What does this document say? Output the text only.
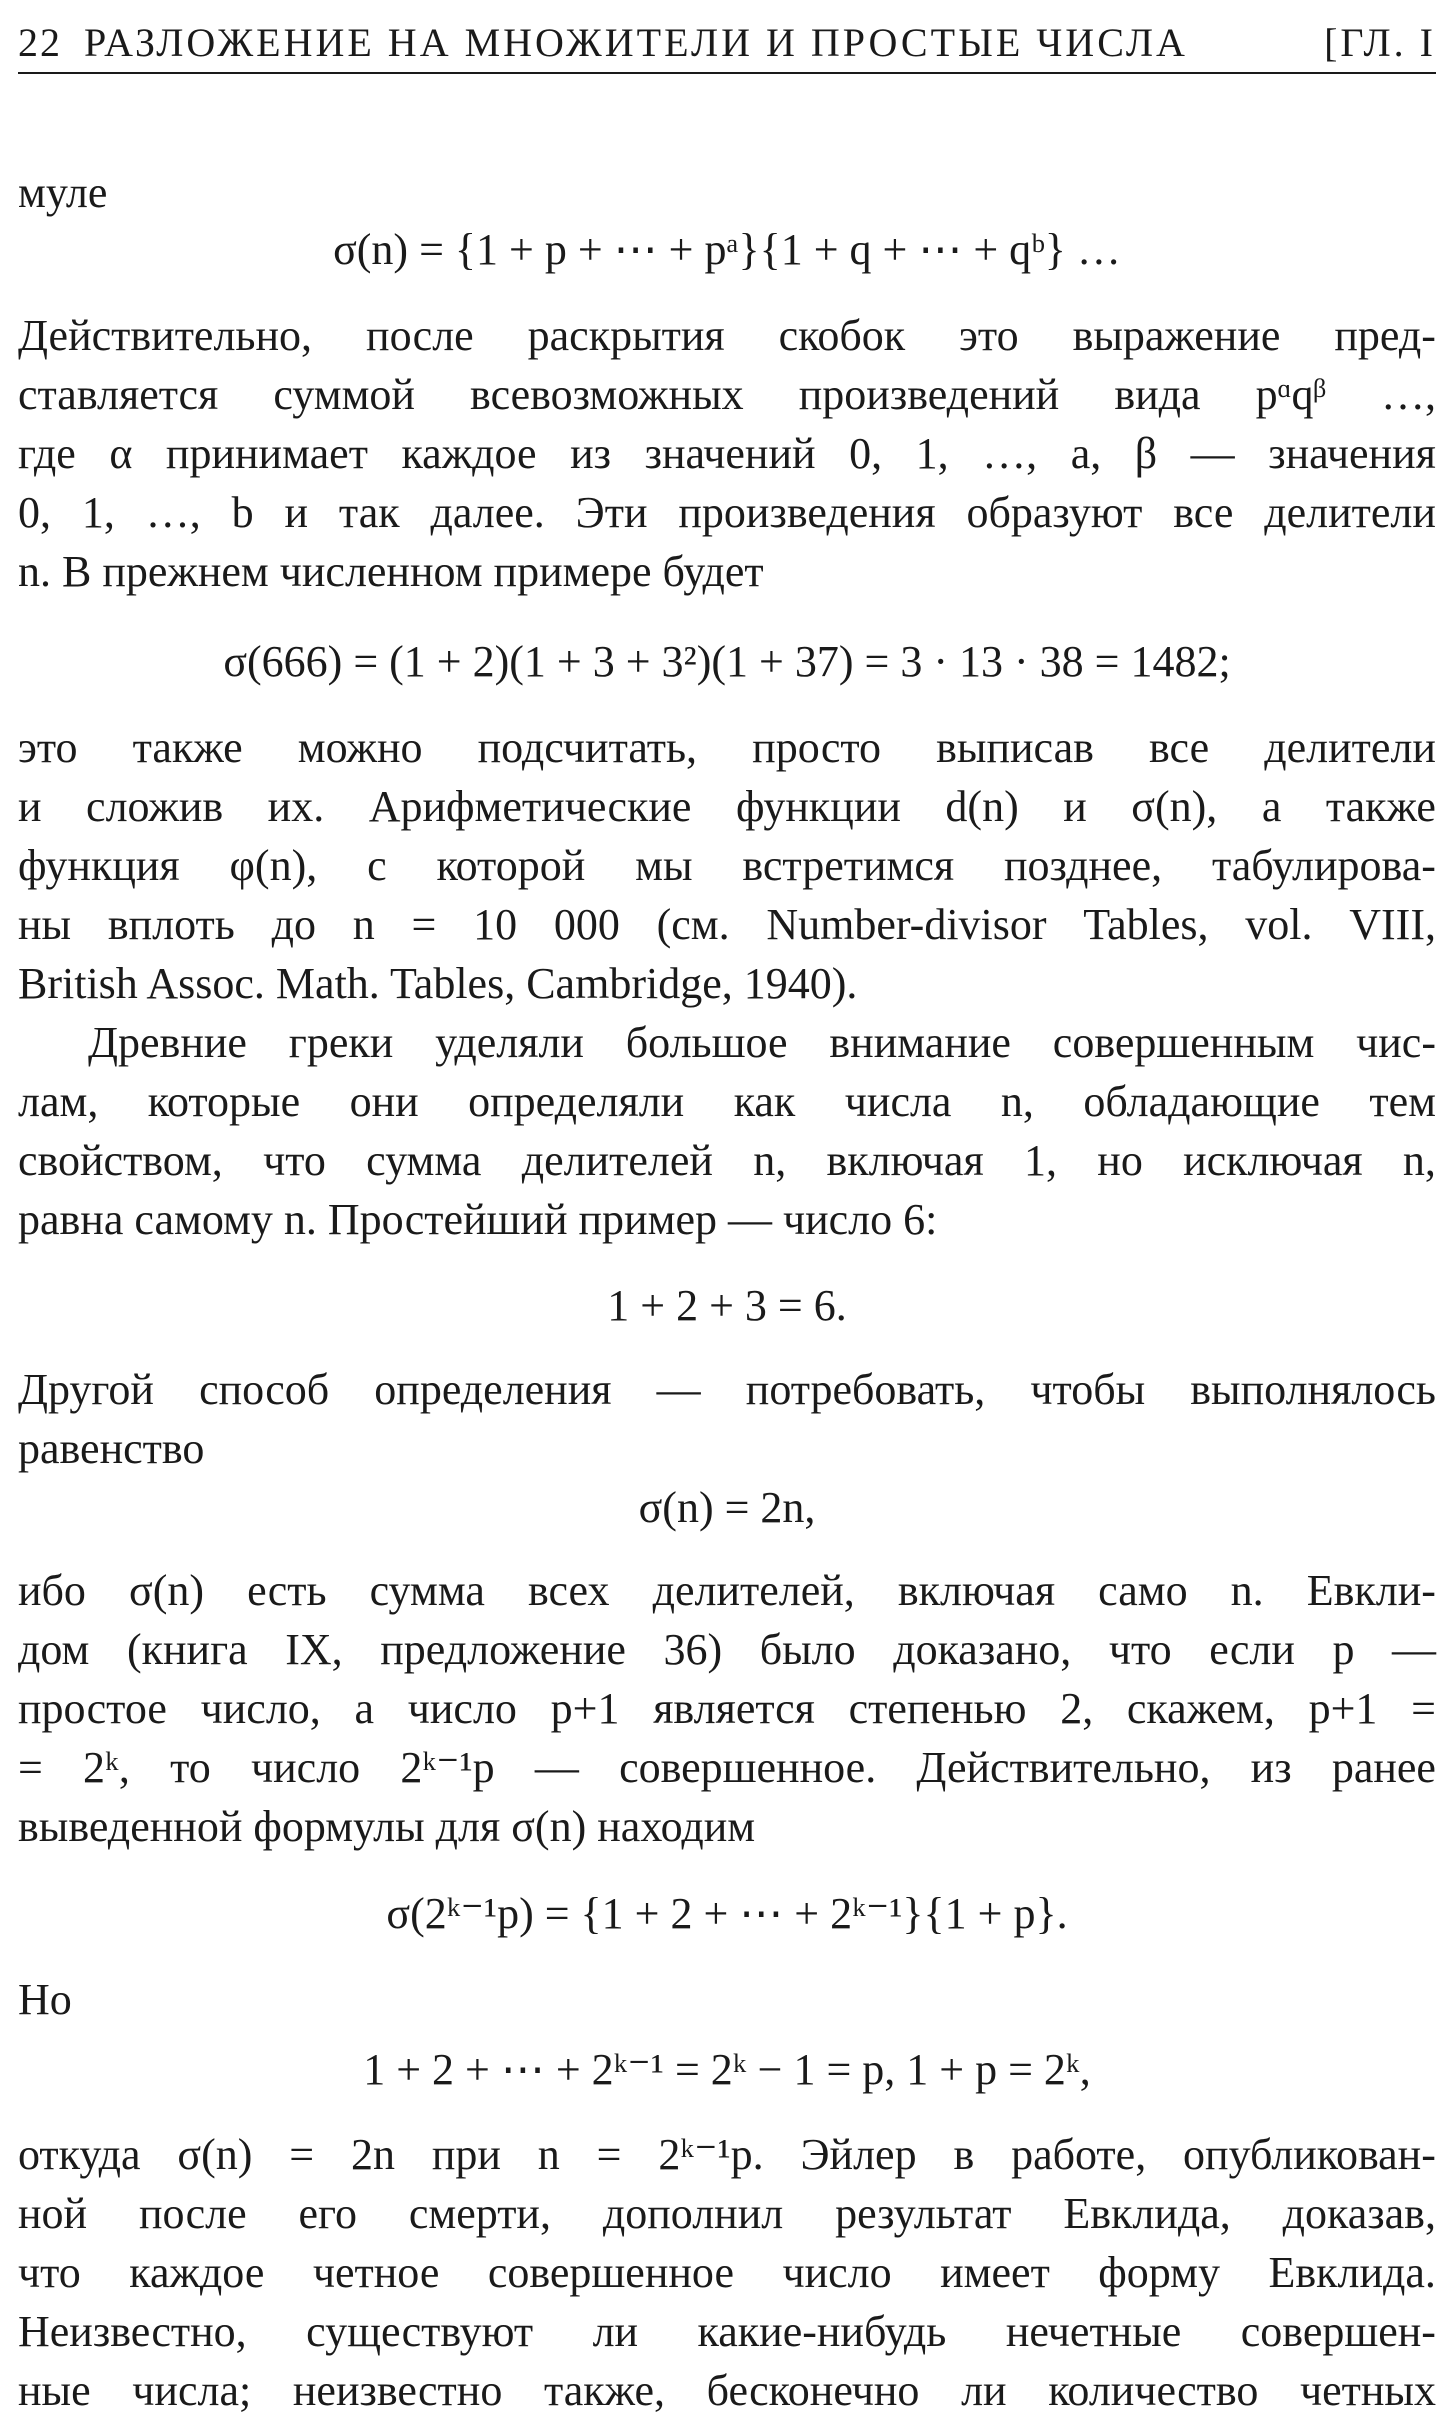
22 РАЗЛОЖЕНИЕ НА МНОЖИТЕЛИ И ПРОСТЫЕ ЧИСЛА	[ГЛ. I
муле
σ(n) = {1 + p + ⋯ + pᵃ}{1 + q + ⋯ + qᵇ} …
Действительно, после раскрытия скобок это выражение пред-
ставляется суммой всевозможных произведений вида pᵅqᵝ …,
где α принимает каждое из значений 0, 1, …, a, β — значения
0, 1, …, b и так далее. Эти произведения образуют все делители
n. В прежнем численном примере будет
σ(666) = (1 + 2)(1 + 3 + 3²)(1 + 37) = 3 · 13 · 38 = 1482;
это также можно подсчитать, просто выписав все делители
и сложив их. Арифметические функции d(n) и σ(n), а также
функция φ(n), с которой мы встретимся позднее, табулирова-
ны вплоть до n = 10 000 (см. Number-divisor Tables, vol. VIII,
British Assoc. Math. Tables, Cambridge, 1940).
Древние греки уделяли большое внимание совершенным чис-
лам, которые они определяли как числа n, обладающие тем
свойством, что сумма делителей n, включая 1, но исключая n,
равна самому n. Простейший пример — число 6:
1 + 2 + 3 = 6.
Другой способ определения — потребовать, чтобы выполнялось
равенство
σ(n) = 2n,
ибо σ(n) есть сумма всех делителей, включая само n. Евкли-
дом (книга IX, предложение 36) было доказано, что если p —
простое число, а число p+1 является степенью 2, скажем, p+1 =
= 2ᵏ, то число 2ᵏ⁻¹p — совершенное. Действительно, из ранее
выведенной формулы для σ(n) находим
σ(2ᵏ⁻¹p) = {1 + 2 + ⋯ + 2ᵏ⁻¹}{1 + p}.
Но
1 + 2 + ⋯ + 2ᵏ⁻¹ = 2ᵏ − 1 = p, 1 + p = 2ᵏ,
откуда σ(n) = 2n при n = 2ᵏ⁻¹p. Эйлер в работе, опубликован-
ной после его смерти, дополнил результат Евклида, доказав,
что каждое четное совершенное число имеет форму Евклида.
Неизвестно, существуют ли какие-нибудь нечетные совершен-
ные числа; неизвестно также, бесконечно ли количество четных
